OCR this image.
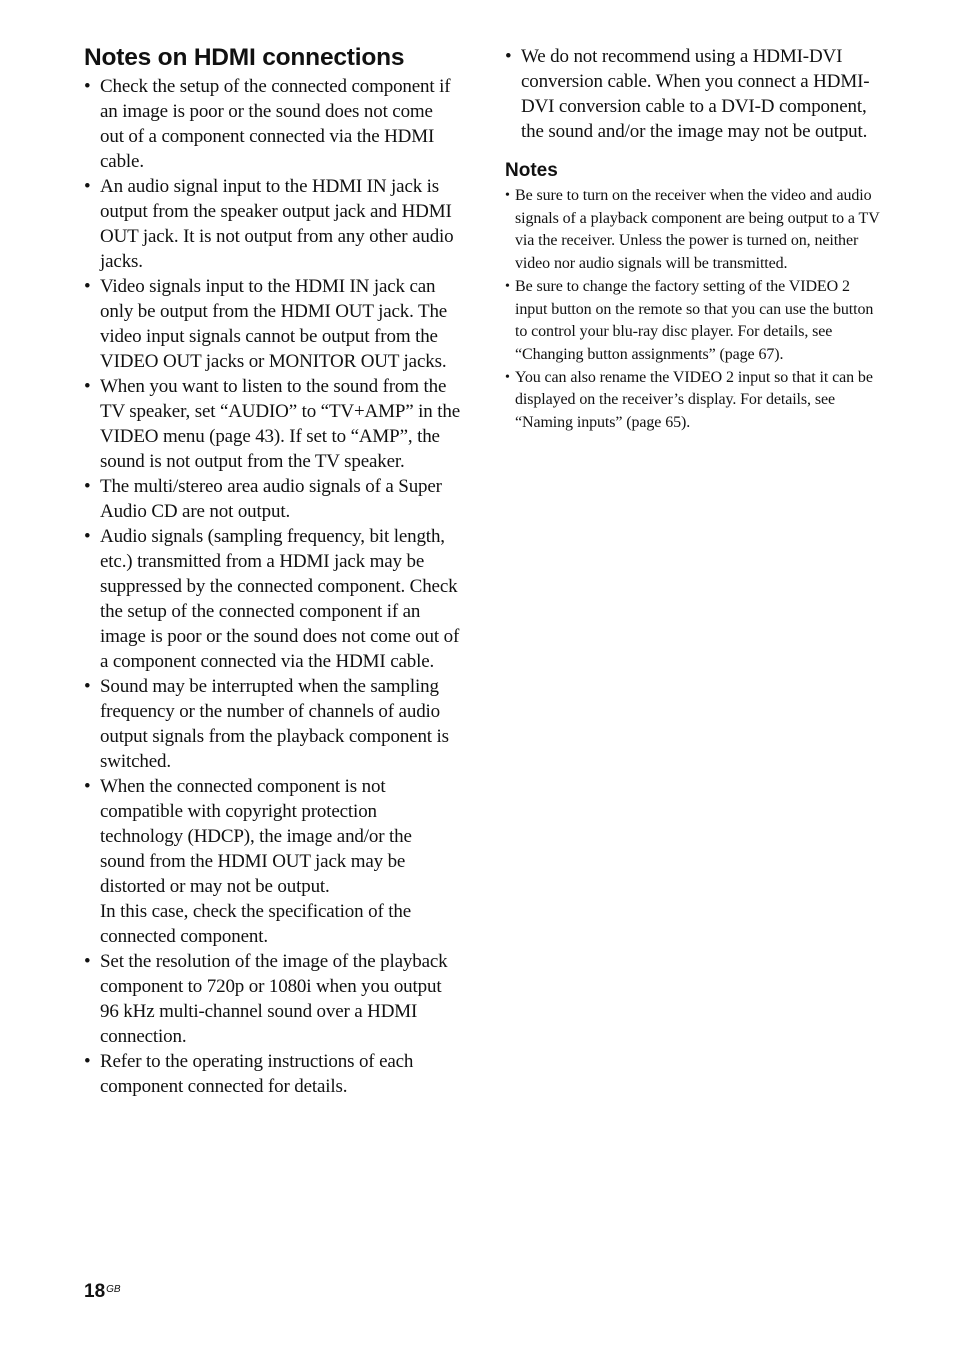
Notes on HDMI connections
• Check the setup of the connected component if an image is poor or the sound does not come out of a component connected via the HDMI cable.
• An audio signal input to the HDMI IN jack is output from the speaker output jack and HDMI OUT jack. It is not output from any other audio jacks.
• Video signals input to the HDMI IN jack can only be output from the HDMI OUT jack. The video input signals cannot be output from the VIDEO OUT jacks or MONITOR OUT jacks.
• When you want to listen to the sound from the TV speaker, set “AUDIO” to “TV+AMP” in the VIDEO menu (page 43). If set to “AMP”, the sound is not output from the TV speaker.
• The multi/stereo area audio signals of a Super Audio CD are not output.
• Audio signals (sampling frequency, bit length, etc.) transmitted from a HDMI jack may be suppressed by the connected component. Check the setup of the connected component if an image is poor or the sound does not come out of a component connected via the HDMI cable.
• Sound may be interrupted when the sampling frequency or the number of channels of audio output signals from the playback component is switched.
• When the connected component is not compatible with copyright protection technology (HDCP), the image and/or the sound from the HDMI OUT jack may be distorted or may not be output.
In this case, check the specification of the connected component.
• Set the resolution of the image of the playback component to 720p or 1080i when you output 96 kHz multi-channel sound over a HDMI connection.
• Refer to the operating instructions of each component connected for details.
• We do not recommend using a HDMI-DVI conversion cable. When you connect a HDMI-DVI conversion cable to a DVI-D component, the sound and/or the image may not be output.
Notes
• Be sure to turn on the receiver when the video and audio signals of a playback component are being output to a TV via the receiver. Unless the power is turned on, neither video nor audio signals will be transmitted.
• Be sure to change the factory setting of the VIDEO 2 input button on the remote so that you can use the button to control your blu-ray disc player. For details, see “Changing button assignments” (page 67).
• You can also rename the VIDEO 2 input so that it can be displayed on the receiver’s display. For details, see “Naming inputs” (page 65).
$18^{GB}$
